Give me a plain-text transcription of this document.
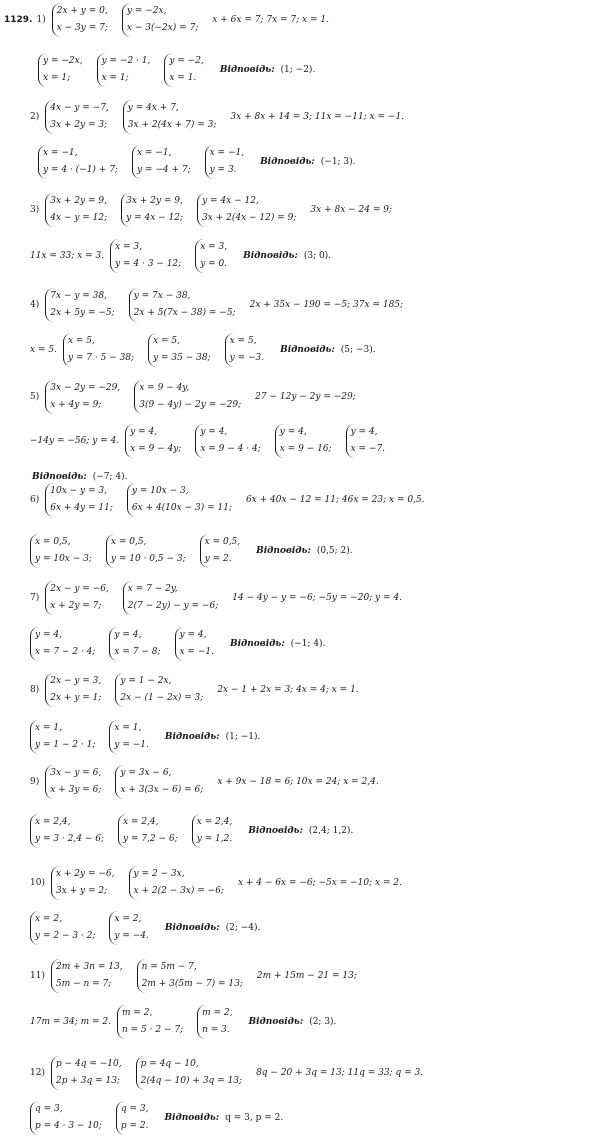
1129. 1)
2x + y = 0,
x − 3y = 7;
y = −2x,
x − 3(−2x) = 7;
x + 6x = 7; 7x = 7; x = 1.
y = −2x,
x = 1;
y = −2 · 1,
x = 1;
y = −2,
x = 1.
Відповідь: (1; −2).
2)
4x − y = −7,
3x + 2y = 3;
y = 4x + 7,
3x + 2(4x + 7) = 3;
3x + 8x + 14 = 3; 11x = −11; x = −1.
x = −1,
y = 4 · (−1) + 7;
x = −1,
y = −4 + 7;
x = −1,
y = 3.
Відповідь: (−1; 3).
3)
3x + 2y = 9,
4x − y = 12;
3x + 2y = 9,
y = 4x − 12;
y = 4x − 12,
3x + 2(4x − 12) = 9;
3x + 8x − 24 = 9;
11x = 33; x = 3.
x = 3,
y = 4 · 3 − 12;
x = 3,
y = 0.
Відповідь: (3; 0).
4)
7x − y = 38,
2x + 5y = −5;
y = 7x − 38,
2x + 5(7x − 38) = −5;
2x + 35x − 190 = −5; 37x = 185;
x = 5.
x = 5,
y = 7 · 5 − 38;
x = 5,
y = 35 − 38;
x = 5,
y = −3.
Відповідь: (5; −3).
5)
3x − 2y = −29,
x + 4y = 9;
x = 9 − 4y,
3(9 − 4y) − 2y = −29;
27 − 12y − 2y = −29;
−14y = −56; y = 4.
y = 4,
x = 9 − 4y;
y = 4,
x = 9 − 4 · 4;
y = 4,
x = 9 − 16;
y = 4,
x = −7.
Відповідь: (−7; 4).
6)
10x − y = 3,
6x + 4y = 11;
y = 10x − 3,
6x + 4(10x − 3) = 11;
6x + 40x − 12 = 11; 46x = 23; x = 0,5.
x = 0,5,
y = 10x − 3;
x = 0,5,
y = 10 · 0,5 − 3;
x = 0,5,
y = 2.
Відповідь: (0,5; 2).
7)
2x − y = −6,
x + 2y = 7;
x = 7 − 2y,
2(7 − 2y) − y = −6;
14 − 4y − y = −6; −5y = −20; y = 4.
y = 4,
x = 7 − 2 · 4;
y = 4,
x = 7 − 8;
y = 4,
x = −1.
Відповідь: (−1; 4).
8)
2x − y = 3,
2x + y = 1;
y = 1 − 2x,
2x − (1 − 2x) = 3;
2x − 1 + 2x = 3; 4x = 4; x = 1.
x = 1,
y = 1 − 2 · 1;
x = 1,
y = −1.
Відповідь: (1; −1).
9)
3x − y = 6,
x + 3y = 6;
y = 3x − 6,
x + 3(3x − 6) = 6;
x + 9x − 18 = 6; 10x = 24; x = 2,4.
x = 2,4,
y = 3 · 2,4 − 6;
x = 2,4,
y = 7,2 − 6;
x = 2,4,
y = 1,2.
Відповідь: (2,4; 1,2).
10)
x + 2y = −6,
3x + y = 2;
y = 2 − 3x,
x + 2(2 − 3x) = −6;
x + 4 − 6x = −6; −5x = −10; x = 2.
x = 2,
y = 2 − 3 · 2;
x = 2,
y = −4.
Відповідь: (2; −4).
11)
2m + 3n = 13,
5m − n = 7;
n = 5m − 7,
2m + 3(5m − 7) = 13;
2m + 15m − 21 = 13;
17m = 34; m = 2.
m = 2,
n = 5 · 2 − 7;
m = 2,
n = 3.
Відповідь: (2; 3).
12)
p − 4q = −10,
2p + 3q = 13;
p = 4q − 10,
2(4q − 10) + 3q = 13;
8q − 20 + 3q = 13; 11q = 33; q = 3.
q = 3,
p = 4 · 3 − 10;
q = 3,
p = 2.
Відповідь: q = 3, p = 2.
